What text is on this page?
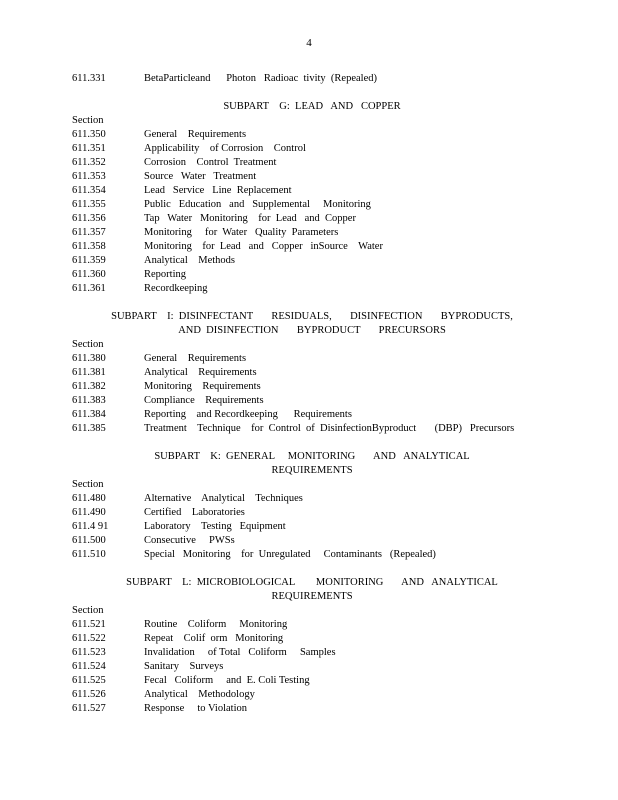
4
611.331	BetaParticleand      Photon   Radioac  tivity  (Repealed)
SUBPART    G:  LEAD   AND   COPPER
Section
611.350	General    Requirements
611.351	Applicability    of Corrosion    Control
611.352	Corrosion    Control  Treatment
611.353	Source   Water   Treatment
611.354	Lead   Service   Line  Replacement
611.355	Public   Education   and   Supplemental     Monitoring
611.356	Tap   Water   Monitoring    for  Lead   and  Copper
611.357	Monitoring     for  Water   Quality  Parameters
611.358	Monitoring    for  Lead   and   Copper   inSource    Water
611.359	Analytical    Methods
611.360	Reporting
611.361	Recordkeeping
SUBPART    I:  DISINFECTANT       RESIDUALS,       DISINFECTION       BYPRODUCTS,
AND  DISINFECTION       BYPRODUCT       PRECURSORS
Section
611.380	General    Requirements
611.381	Analytical    Requirements
611.382	Monitoring    Requirements
611.383	Compliance    Requirements
611.384	Reporting    and Recordkeeping      Requirements
611.385	Treatment    Technique    for  Control  of  DisinfectionByproduct       (DBP)   Precursors
SUBPART    K:  GENERAL     MONITORING       AND   ANALYTICAL
REQUIREMENTS
Section
611.480	Alternative    Analytical    Techniques
611.490	Certified    Laboratories
611.4 91	Laboratory    Testing   Equipment
611.500	Consecutive     PWSs
611.510	Special   Monitoring    for  Unregulated     Contaminants   (Repealed)
SUBPART    L:  MICROBIOLOGICAL        MONITORING       AND   ANALYTICAL
REQUIREMENTS
Section
611.521	Routine    Coliform     Monitoring
611.522	Repeat    Colif  orm   Monitoring
611.523	Invalidation     of Total   Coliform     Samples
611.524	Sanitary    Surveys
611.525	Fecal   Coliform     and  E. Coli Testing
611.526	Analytical    Methodology
611.527	Response     to Violation
